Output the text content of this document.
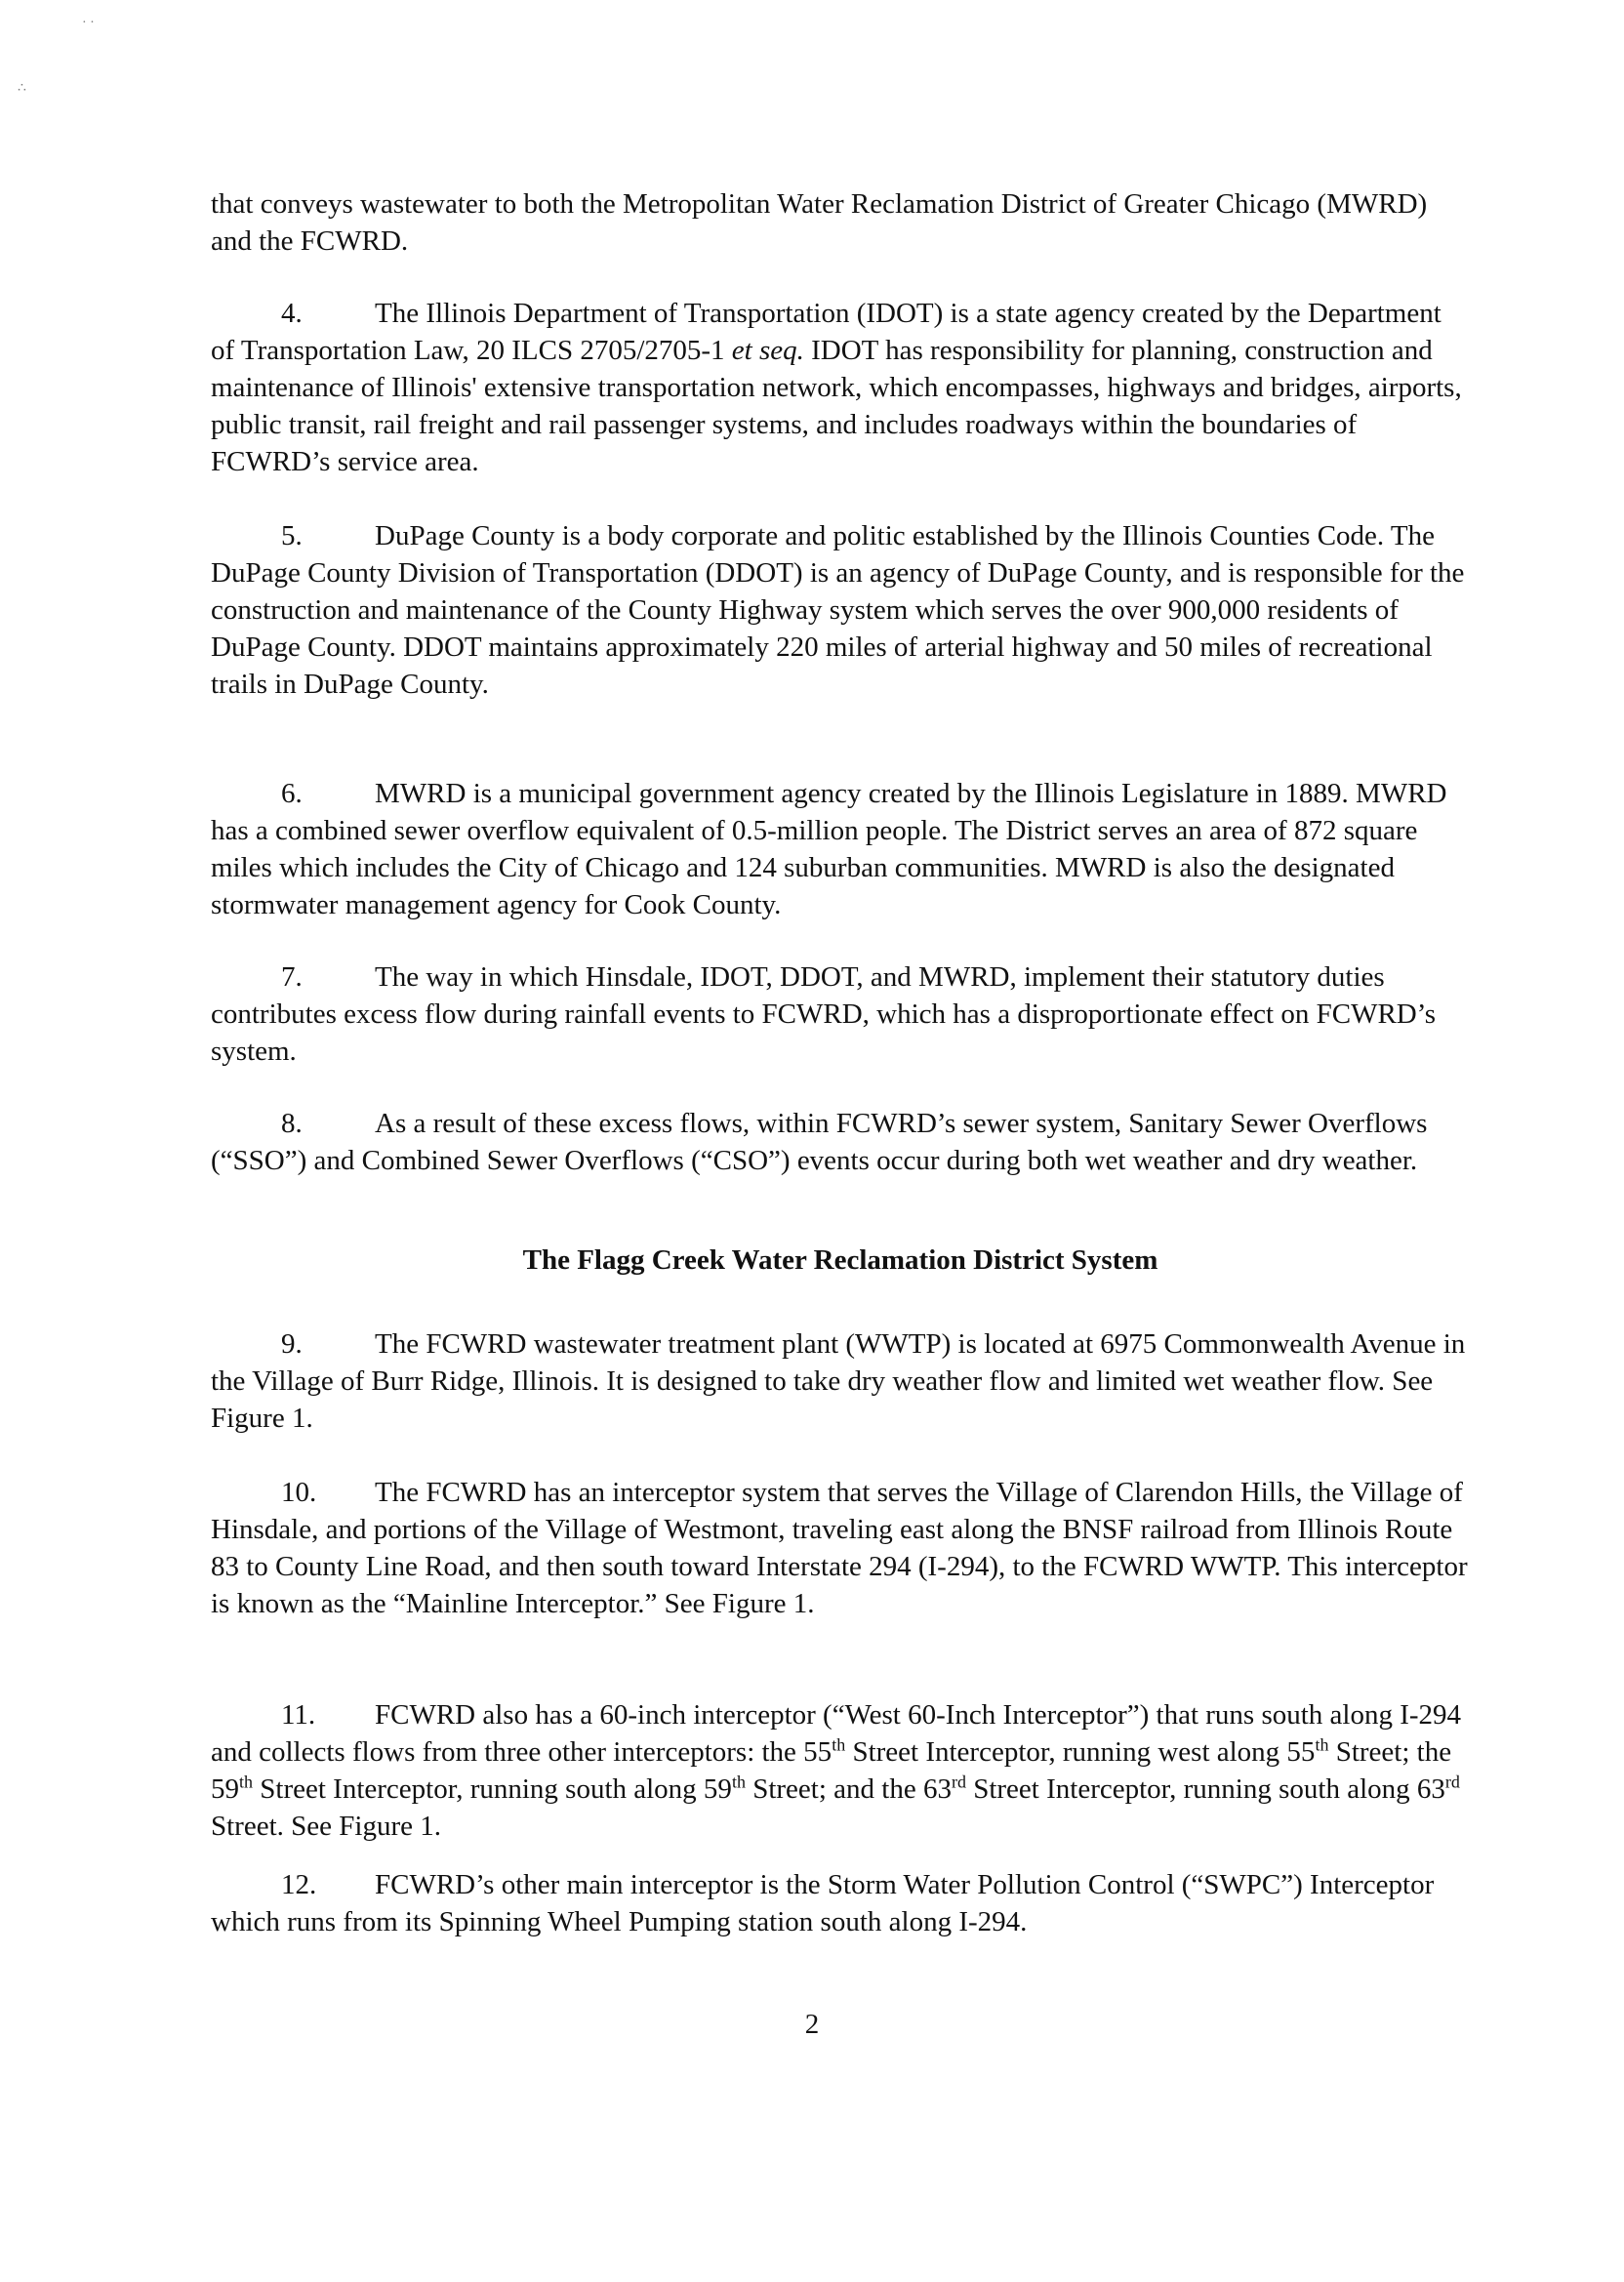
· ·
∴

that conveys wastewater to both the Metropolitan Water Reclamation District of Greater Chicago (MWRD) and the FCWRD.

4.	The Illinois Department of Transportation (IDOT) is a state agency created by the Department of Transportation Law, 20 ILCS 2705/2705-1 et seq. IDOT has responsibility for planning, construction and maintenance of Illinois' extensive transportation network, which encompasses, highways and bridges, airports, public transit, rail freight and rail passenger systems, and includes roadways within the boundaries of FCWRD’s service area.

5.	DuPage County is a body corporate and politic established by the Illinois Counties Code. The DuPage County Division of Transportation (DDOT) is an agency of DuPage County, and is responsible for the construction and maintenance of the County Highway system which serves the over 900,000 residents of DuPage County. DDOT maintains approximately 220 miles of arterial highway and 50 miles of recreational trails in DuPage County.

6.	MWRD is a municipal government agency created by the Illinois Legislature in 1889. MWRD has a combined sewer overflow equivalent of 0.5-million people. The District serves an area of 872 square miles which includes the City of Chicago and 124 suburban communities. MWRD is also the designated stormwater management agency for Cook County.

7.	The way in which Hinsdale, IDOT, DDOT, and MWRD, implement their statutory duties contributes excess flow during rainfall events to FCWRD, which has a disproportionate effect on FCWRD’s system.

8.	As a result of these excess flows, within FCWRD’s sewer system, Sanitary Sewer Overflows (“SSO”) and Combined Sewer Overflows (“CSO”) events occur during both wet weather and dry weather.

The Flagg Creek Water Reclamation District System

9.	The FCWRD wastewater treatment plant (WWTP) is located at 6975 Commonwealth Avenue in the Village of Burr Ridge, Illinois. It is designed to take dry weather flow and limited wet weather flow. See Figure 1.

10. The FCWRD has an interceptor system that serves the Village of Clarendon Hills, the Village of Hinsdale, and portions of the Village of Westmont, traveling east along the BNSF railroad from Illinois Route 83 to County Line Road, and then south toward Interstate 294 (I-294), to the FCWRD WWTP. This interceptor is known as the “Mainline Interceptor.” See Figure 1.

11. FCWRD also has a 60-inch interceptor (“West 60-Inch Interceptor”) that runs south along I-294 and collects flows from three other interceptors: the 55th Street Interceptor, running west along 55th Street; the 59th Street Interceptor, running south along 59th Street; and the 63rd Street Interceptor, running south along 63rd Street. See Figure 1.

12. FCWRD’s other main interceptor is the Storm Water Pollution Control (“SWPC”) Interceptor which runs from its Spinning Wheel Pumping station south along I-294.

2
